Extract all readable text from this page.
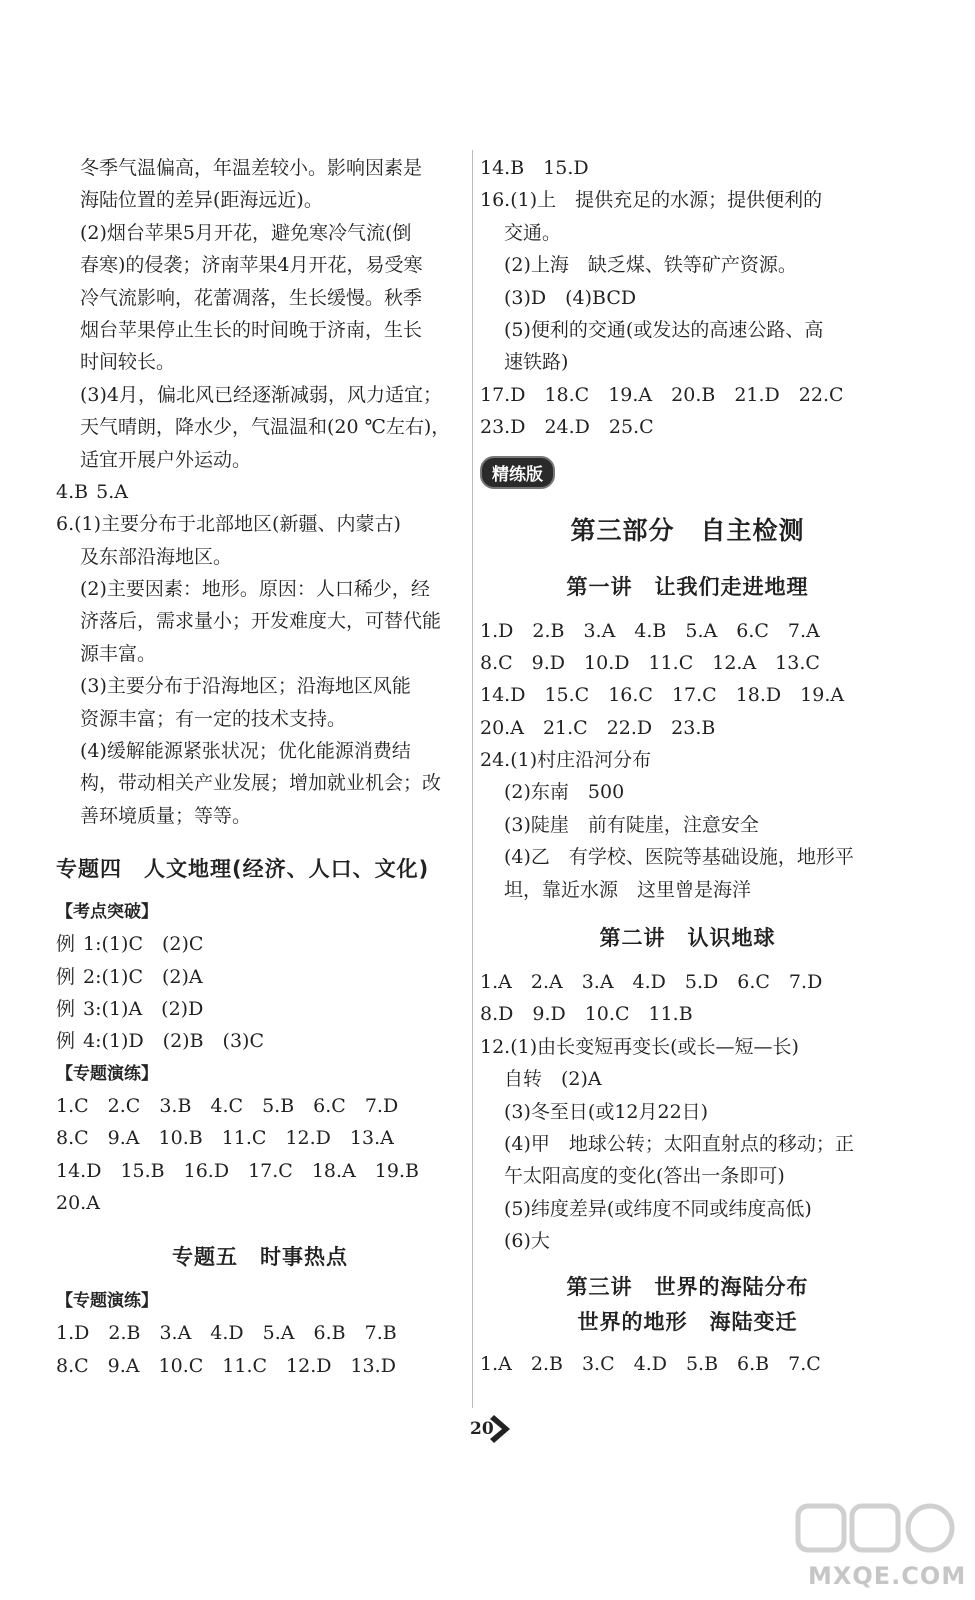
冬季气温偏高，年温差较小。影响因素是
海陆位置的差异(距海远近)。
(2)烟台苹果5月开花，避免寒冷气流(倒
春寒)的侵袭；济南苹果4月开花，易受寒
冷气流影响，花蕾凋落，生长缓慢。秋季
烟台苹果停止生长的时间晚于济南，生长
时间较长。
(3)4月，偏北风已经逐渐减弱，风力适宜；
天气晴朗，降水少，气温温和(20 ℃左右)，
适宜开展户外运动。
4.B 5.A
6.(1)主要分布于北部地区(新疆、内蒙古)
及东部沿海地区。
(2)主要因素：地形。原因：人口稀少，经
济落后，需求量小；开发难度大，可替代能
源丰富。
(3)主要分布于沿海地区；沿海地区风能
资源丰富；有一定的技术支持。
(4)缓解能源紧张状况；优化能源消费结
构，带动相关产业发展；增加就业机会；改
善环境质量；等等。
专题四　人文地理(经济、人口、文化)
【考点突破】
例 1:(1)C　(2)C
例 2:(1)C　(2)A
例 3:(1)A　(2)D
例 4:(1)D　(2)B　(3)C
【专题演练】
1.C　2.C　3.B　4.C　5.B　6.C　7.D
8.C　9.A　10.B　11.C　12.D　13.A
14.D　15.B　16.D　17.C　18.A　19.B
20.A
专题五　时事热点
【专题演练】
1.D　2.B　3.A　4.D　5.A　6.B　7.B
8.C　9.A　10.C　11.C　12.D　13.D
14.B　15.D
16.(1)上　提供充足的水源；提供便利的
交通。
(2)上海　缺乏煤、铁等矿产资源。
(3)D　(4)BCD
(5)便利的交通(或发达的高速公路、高
速铁路)
17.D　18.C　19.A　20.B　21.D　22.C
23.D　24.D　25.C
精练版
第三部分　自主检测
第一讲　让我们走进地理
1.D　2.B　3.A　4.B　5.A　6.C　7.A
8.C　9.D　10.D　11.C　12.A　13.C
14.D　15.C　16.C　17.C　18.D　19.A
20.A　21.C　22.D　23.B
24.(1)村庄沿河分布
(2)东南　500
(3)陡崖　前有陡崖，注意安全
(4)乙　有学校、医院等基础设施，地形平
坦，靠近水源　这里曾是海洋
第二讲　认识地球
1.A　2.A　3.A　4.D　5.D　6.C　7.D
8.D　9.D　10.C　11.B
12.(1)由长变短再变长(或长—短—长)
自转　(2)A
(3)冬至日(或12月22日)
(4)甲　地球公转；太阳直射点的移动；正
午太阳高度的变化(答出一条即可)
(5)纬度差异(或纬度不同或纬度高低)
(6)大
第三讲　世界的海陆分布
世界的地形　海陆变迁
1.A　2.B　3.C　4.D　5.B　6.B　7.C
20
MXQE.COM
